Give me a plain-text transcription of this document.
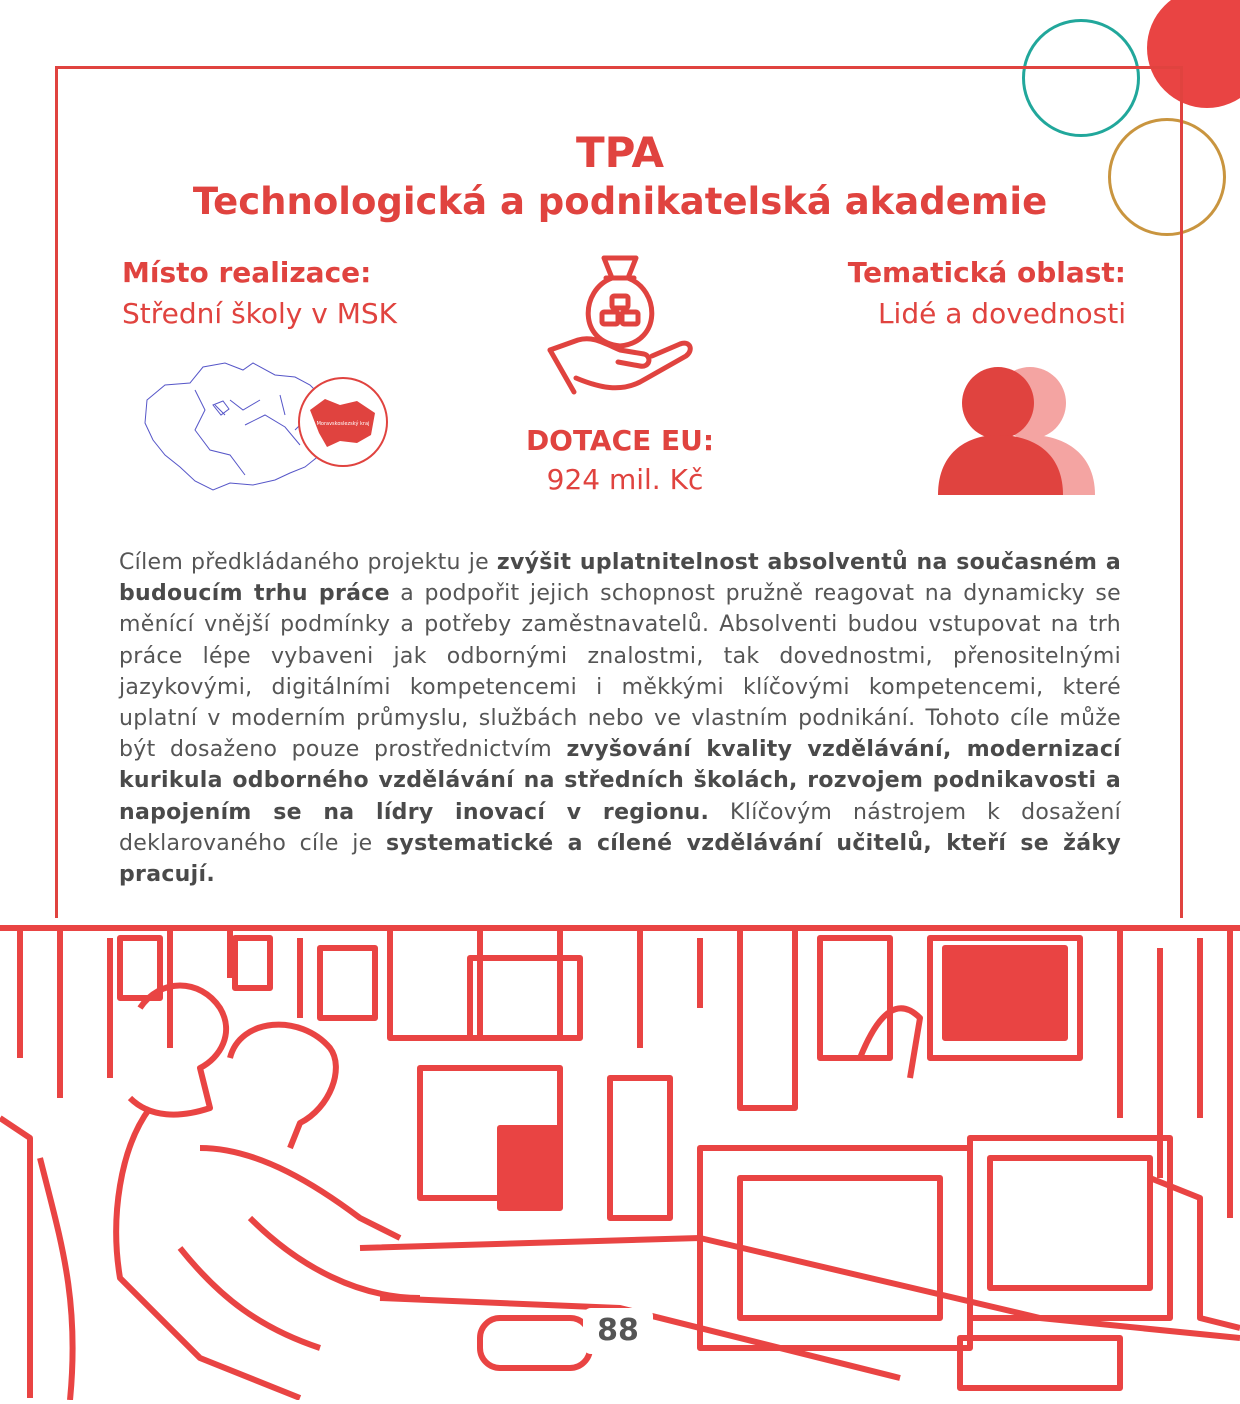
TPA
Technologická a podnikatelská akademie
Místo realizace:
Střední školy v MSK
Tematická oblast:
Lidé a dovednosti
DOTACE EU:
924 mil. Kč
Moravskoslezský kraj
Cílem předkládaného projektu je zvýšit uplatnitelnost absolventů na současném a budoucím trhu práce a podpořit jejich schopnost pružně reagovat na dynamicky se měnící vnější podmínky a potřeby zaměstnavatelů. Absolventi budou vstupovat na trh práce lépe vybaveni jak odbornými znalostmi, tak dovednostmi, přenositelnými jazykovými, digitálními kompetencemi i měkkými klíčovými kompetencemi, které uplatní v moderním průmyslu, službách nebo ve vlastním podnikání. Tohoto cíle může být dosaženo pouze prostřednictvím zvyšování kvality vzdělávání, modernizací kurikula odborného vzdělávání na středních školách, rozvojem podnikavosti a napojením se na lídry inovací v regionu. Klíčovým nástrojem k dosažení deklarovaného cíle je systematické a cílené vzdělávání učitelů, kteří se žáky pracují.
88
